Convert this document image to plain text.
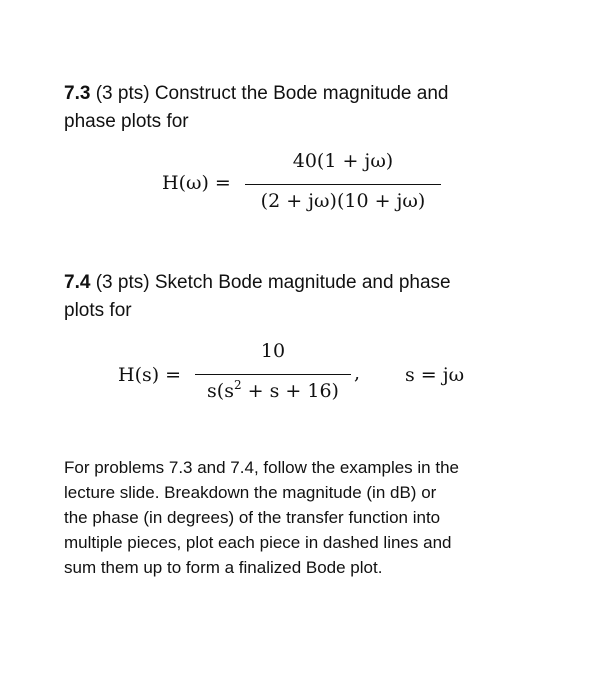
7.3 (3 pts) Construct the Bode magnitude and
phase plots for

H(ω) =
40(1 + jω)
(2 + jω)(10 + jω)

7.4 (3 pts) Sketch Bode magnitude and phase
plots for

H(s) =
10
$s(s^2 + s + 16)$
, s = jω

For problems 7.3 and 7.4, follow the examples in the
lecture slide. Breakdown the magnitude (in dB) or
the phase (in degrees) of the transfer function into
multiple pieces, plot each piece in dashed lines and
sum them up to form a finalized Bode plot.
